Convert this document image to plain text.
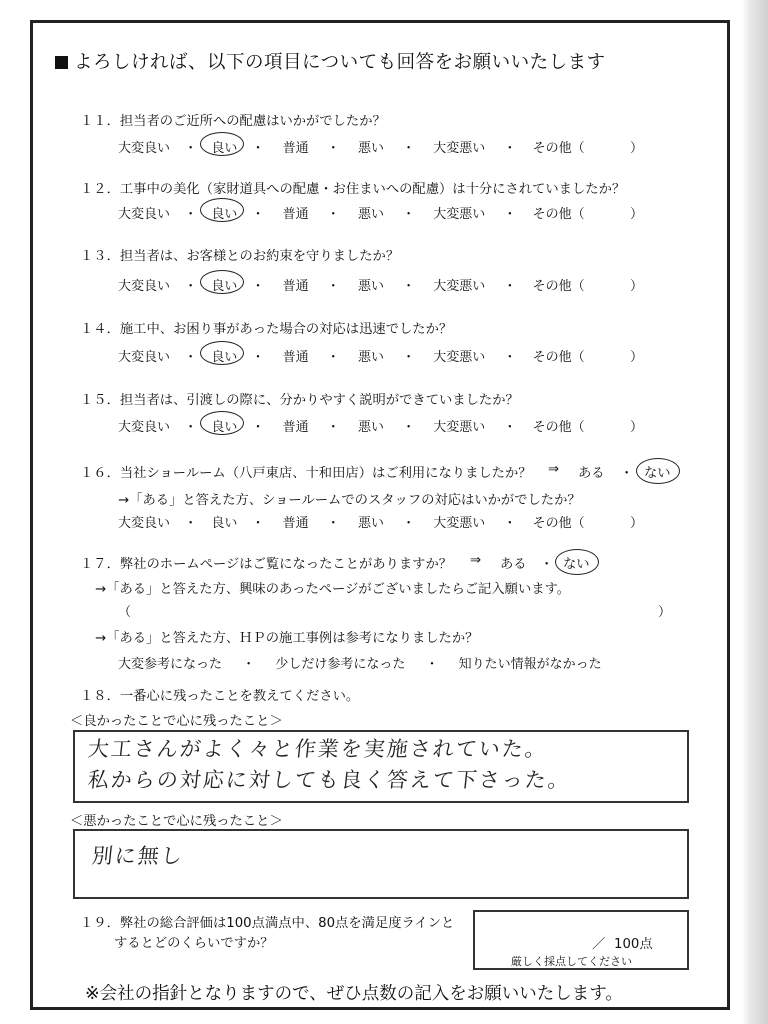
よろしければ、以下の項目についても回答をお願いいたします
１１．担当者のご近所への配慮はいかがでしたか？
大変良い ・ 良い ・ 普通 ・ 悪い ・ 大変悪い ・ その他（	）
１２．工事中の美化（家財道具への配慮・お住まいへの配慮）は十分にされていましたか？
大変良い ・ 良い ・ 普通 ・ 悪い ・ 大変悪い ・ その他（	）
１３．担当者は、お客様とのお約束を守りましたか？
大変良い ・ 良い ・ 普通 ・ 悪い ・ 大変悪い ・ その他（	）
１４．施工中、お困り事があった場合の対応は迅速でしたか？
大変良い ・ 良い ・ 普通 ・ 悪い ・ 大変悪い ・ その他（	）
１５．担当者は、引渡しの際に、分かりやすく説明ができていましたか？
大変良い ・ 良い ・ 普通 ・ 悪い ・ 大変悪い ・ その他（	）
１６．当社ショールーム（八戸東店、十和田店）はご利用になりましたか？ ⇒ ある ・ ない
→「ある」と答えた方、ショールームでのスタッフの対応はいかがでしたか？
大変良い ・ 良い ・ 普通 ・ 悪い ・ 大変悪い ・ その他（	）
１７．弊社のホームページはご覧になったことがありますか？ ⇒ ある ・ ない
→「ある」と答えた方、興味のあったページがございましたらご記入願います。
（	）
→「ある」と答えた方、ＨＰの施工事例は参考になりましたか？
大変参考になった ・ 少しだけ参考になった ・ 知りたい情報がなかった
１８．一番心に残ったことを教えてください。
＜良かったことで心に残ったこと＞
大工さんがよく々と作業を実施されていた。
私からの対応に対しても良く答えて下さった。
＜悪かったことで心に残ったこと＞
別に無し
１９．弊社の総合評価は100点満点中、80点を満足度ラインと
するとどのくらいですか？	／ 100点
厳しく採点してください
※会社の指針となりますので、ぜひ点数の記入をお願いいたします。
